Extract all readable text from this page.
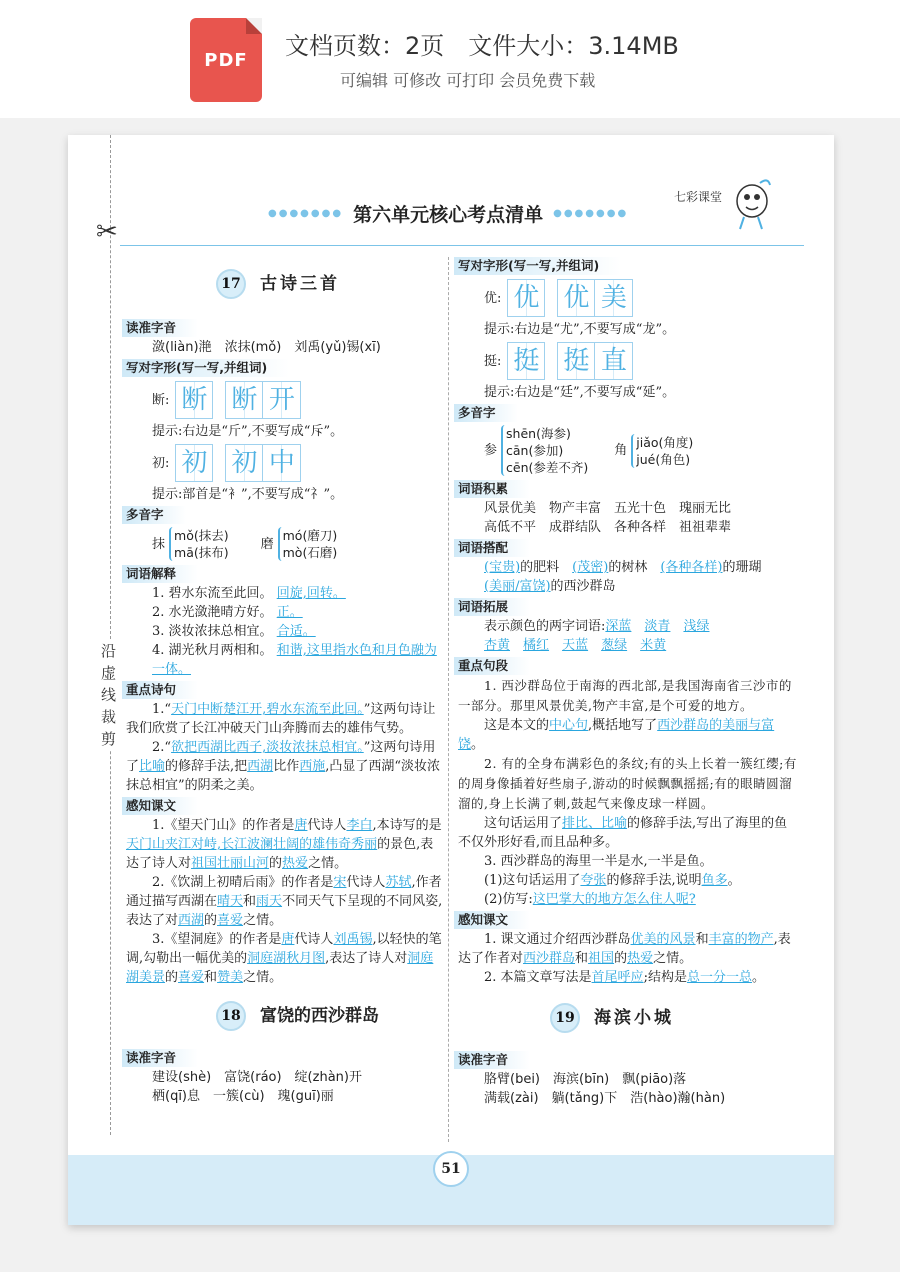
PDF	文档页数：2页　文件大小：3.14MB
可编辑 可修改 可打印 会员免费下载
✂
沿虚线裁剪
●●●●●●● 第六单元核心考点清单 ●●●●●●●
七彩课堂
17	古诗三首
读准字音
潋(liàn)滟　浓抹(mǒ)　刘禹(yǔ)锡(xī)
写对字形(写一写,并组词)
断: 断 断 开
提示:右边是“斤”,不要写成“斥”。
初: 初 初 中
提示:部首是“衤”,不要写成“礻”。
多音字
抹
mǒ(抹去)
mā(抹布)
磨
mó(磨刀)
mò(石磨)
词语解释
1. 碧水东流至此回。 回旋,回转。
2. 水光潋滟晴方好。 正。
3. 淡妆浓抹总相宜。 合适。
4. 湖光秋月两相和。 和谐,这里指水色和月色融为一体。
重点诗句
1.“天门中断楚江开,碧水东流至此回。”这两句诗让我们欣赏了长江冲破天门山奔腾而去的雄伟气势。
2.“欲把西湖比西子,淡妆浓抹总相宜。”这两句诗用了比喻的修辞手法,把西湖比作西施,凸显了西湖“淡妆浓抹总相宜”的阴柔之美。
感知课文
1.《望天门山》的作者是唐代诗人李白,本诗写的是天门山夹江对峙,长江波澜壮阔的雄伟奇秀丽的景色,表达了诗人对祖国壮丽山河的热爱之情。
2.《饮湖上初晴后雨》的作者是宋代诗人苏轼,作者通过描写西湖在晴天和雨天不同天气下呈现的不同风姿,表达了对西湖的喜爱之情。
3.《望洞庭》的作者是唐代诗人刘禹锡,以轻快的笔调,勾勒出一幅优美的洞庭湖秋月图,表达了诗人对洞庭湖美景的喜爱和赞美之情。
18	富饶的西沙群岛
读准字音
建设(shè)　富饶(ráo)　绽(zhàn)开
栖(qī)息　一簇(cù)　瑰(guī)丽
写对字形(写一写,并组词)
优: 优 优 美
提示:右边是“尤”,不要写成“龙”。
挺: 挺 挺 直
提示:右边是“廷”,不要写成“延”。
多音字
参
shēn(海参)
cān(参加)
cēn(参差不齐)
角
jiǎo(角度)
jué(角色)
词语积累
风景优美　物产丰富　五光十色　瑰丽无比
高低不平　成群结队　各种各样　祖祖辈辈
词语搭配
(宝贵)的肥料　(茂密)的树林　(各种各样)的珊瑚
(美丽/富饶)的西沙群岛
词语拓展
表示颜色的两字词语:深蓝　 淡青　 浅绿
杏黄　 橘红　 天蓝　 葱绿　 米黄
重点句段
1. 西沙群岛位于南海的西北部,是我国海南省三沙市的一部分。那里风景优美,物产丰富,是个可爱的地方。
这是本文的中心句,概括地写了西沙群岛的美丽与富饶。
2. 有的全身布满彩色的条纹;有的头上长着一簇红缨;有的周身像插着好些扇子,游动的时候飘飘摇摇;有的眼睛圆溜溜的,身上长满了刺,鼓起气来像皮球一样圆。
这句话运用了排比、比喻的修辞手法,写出了海里的鱼不仅外形好看,而且品种多。
3. 西沙群岛的海里一半是水,一半是鱼。
(1)这句话运用了夸张的修辞手法,说明鱼多。
(2)仿写:这巴掌大的地方怎么住人呢?
感知课文
1. 课文通过介绍西沙群岛优美的风景和丰富的物产,表达了作者对西沙群岛和祖国的热爱之情。
2. 本篇文章写法是首尾呼应;结构是总一分一总。
19	海滨小城
读准字音
胳臂(bei)　海滨(bīn)　飘(piāo)落
满载(zài)　躺(tǎng)下　浩(hào)瀚(hàn)
51
